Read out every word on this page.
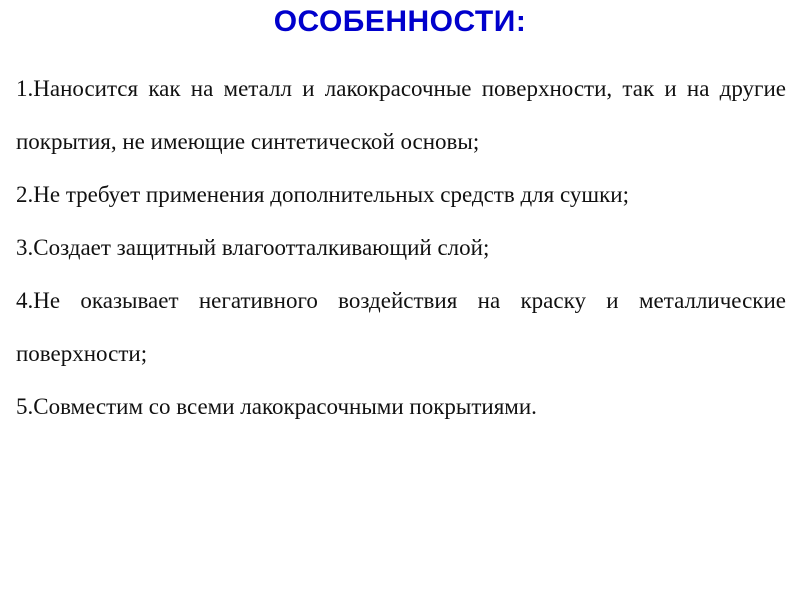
ОСОБЕННОСТИ:
1.Наносится как на металл и лакокрасочные поверхности, так и на другие покрытия, не имеющие синтетической основы;
2.Не требует применения дополнительных средств для сушки;
3.Создает защитный влагоотталкивающий слой;
4.Не оказывает негативного воздействия на краску и металлические поверхности;
5.Совместим со всеми лакокрасочными покрытиями.
